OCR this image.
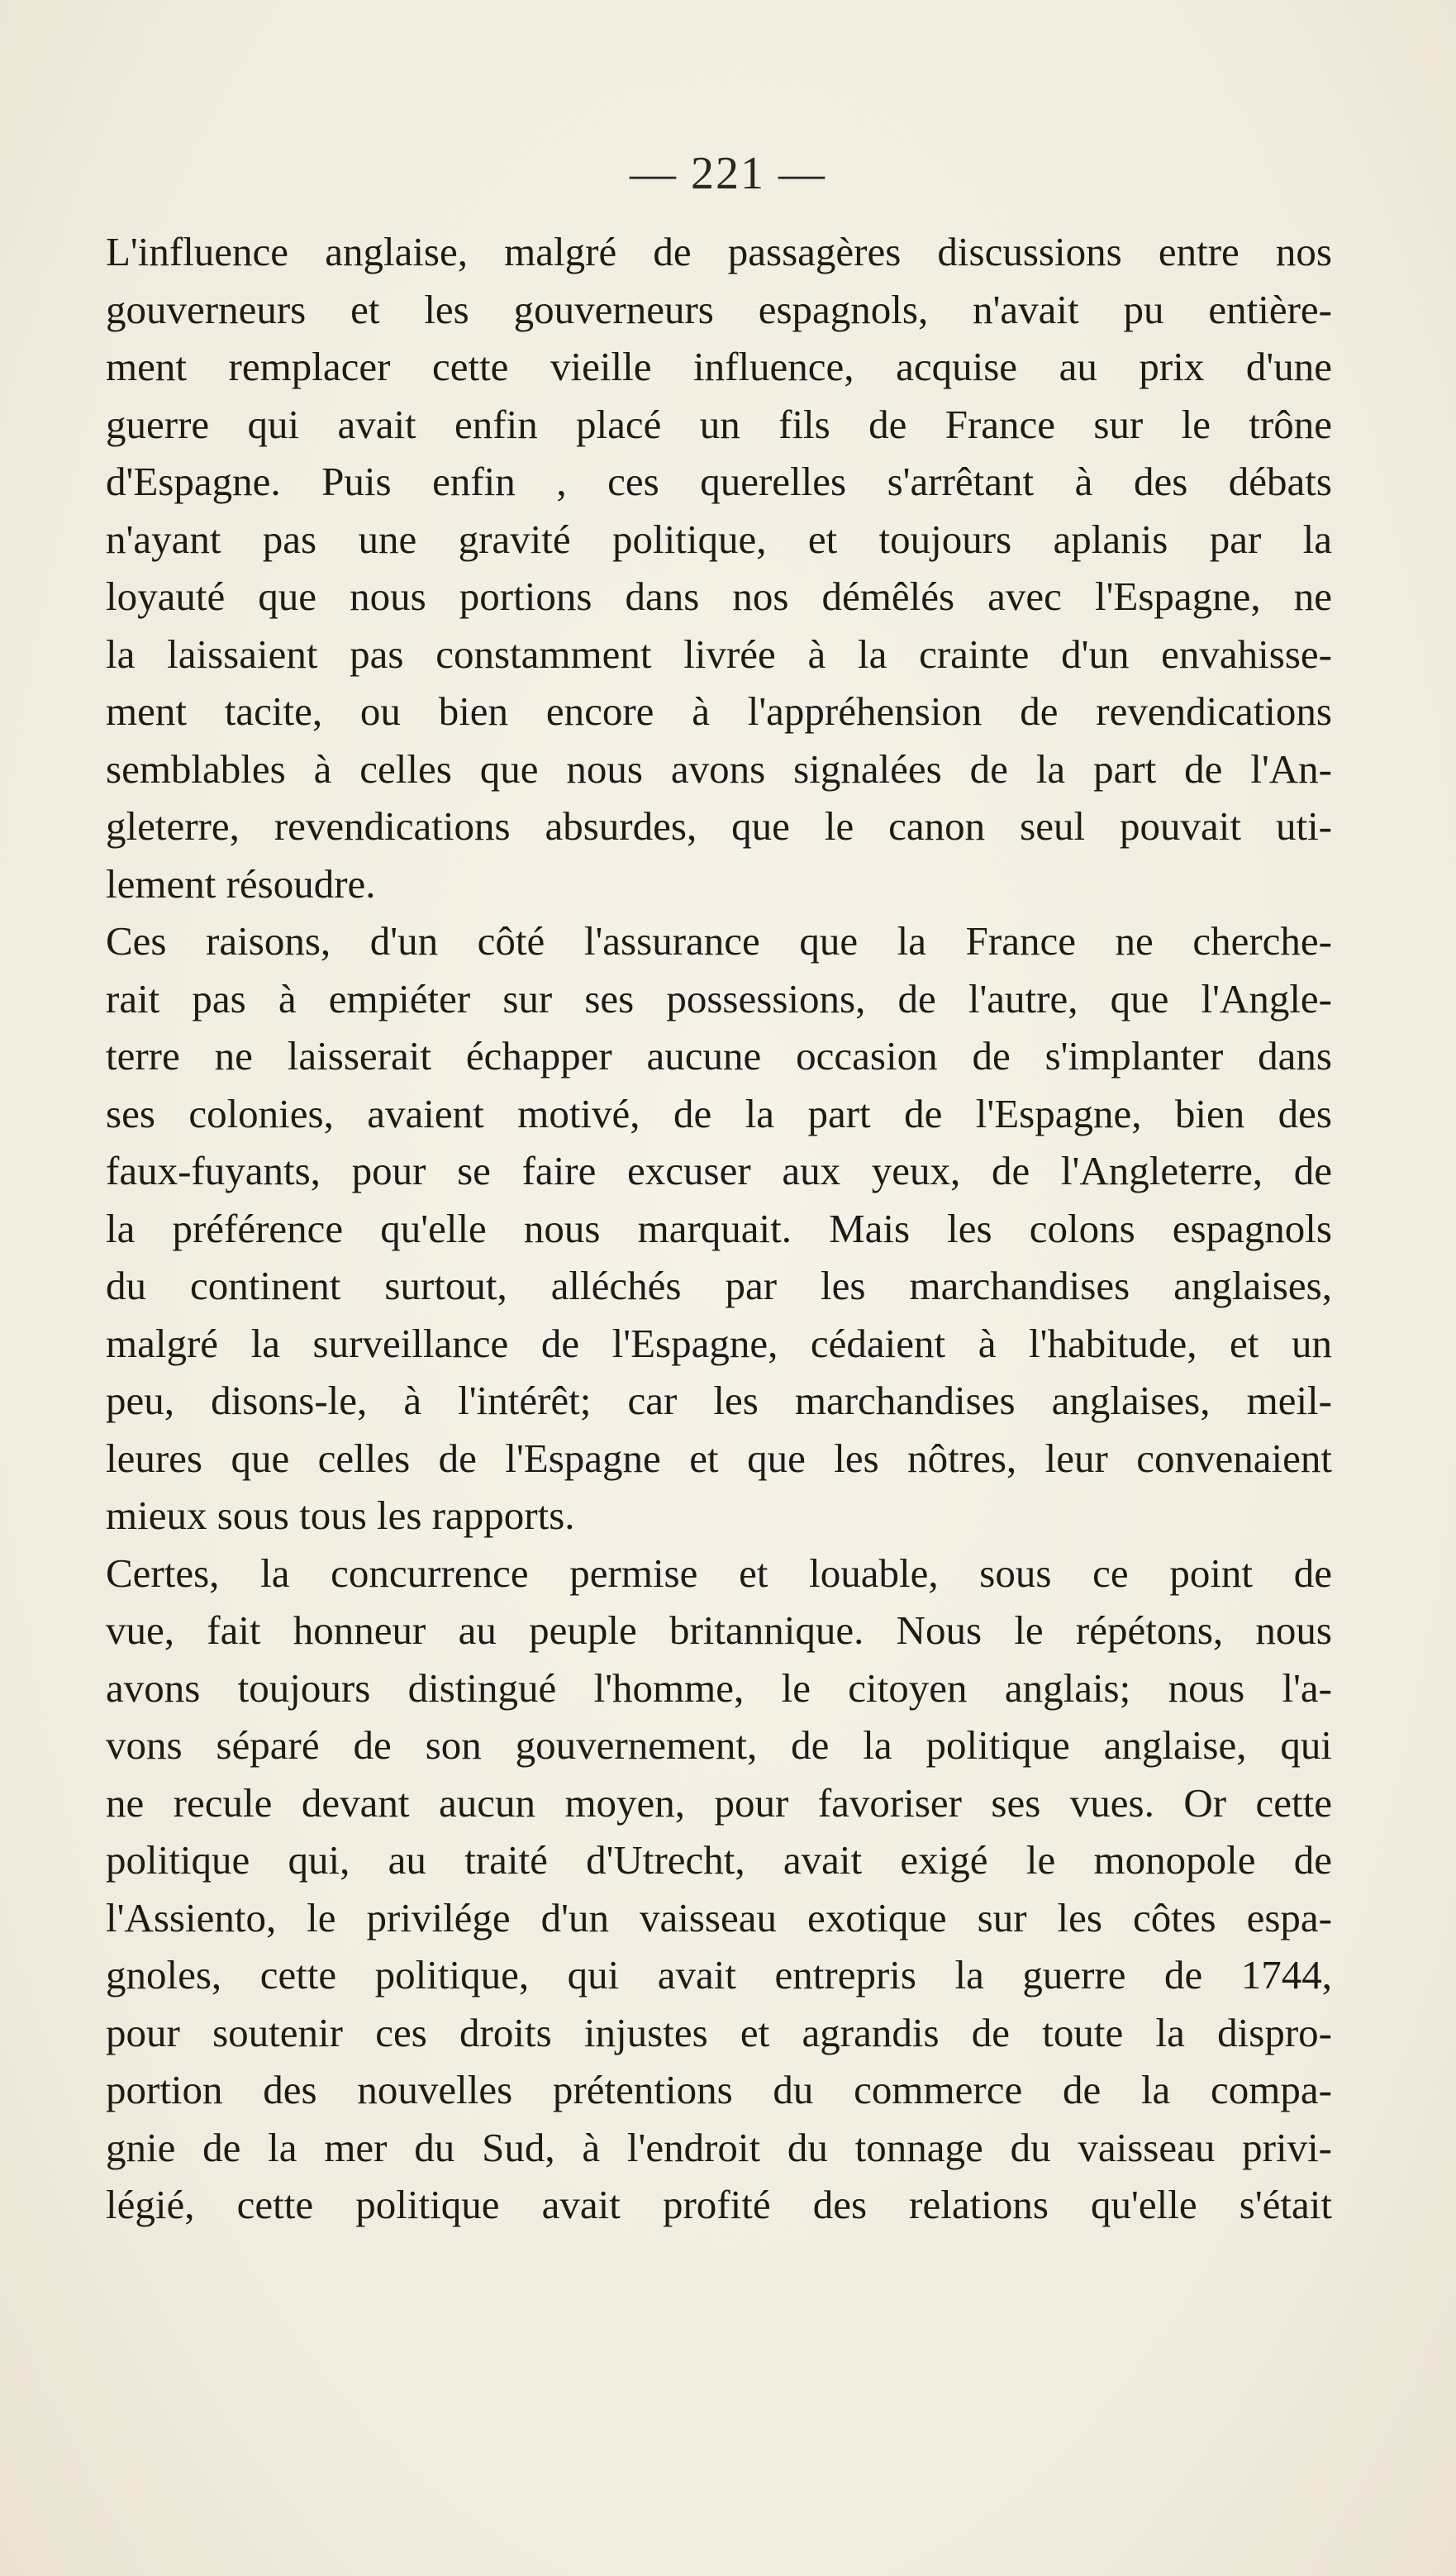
— 221 —
L'influence anglaise, malgré de passagères discussions entre nos
gouverneurs et les gouverneurs espagnols, n'avait pu entière-
ment remplacer cette vieille influence, acquise au prix d'une
guerre qui avait enfin placé un fils de France sur le trône
d'Espagne. Puis enfin , ces querelles s'arrêtant à des débats
n'ayant pas une gravité politique, et toujours aplanis par la
loyauté que nous portions dans nos démêlés avec l'Espagne, ne
la laissaient pas constamment livrée à la crainte d'un envahisse-
ment tacite, ou bien encore à l'appréhension de revendications
semblables à celles que nous avons signalées de la part de l'An-
gleterre, revendications absurdes, que le canon seul pouvait uti-
lement résoudre.
Ces raisons, d'un côté l'assurance que la France ne cherche-
rait pas à empiéter sur ses possessions, de l'autre, que l'Angle-
terre ne laisserait échapper aucune occasion de s'implanter dans
ses colonies, avaient motivé, de la part de l'Espagne, bien des
faux-fuyants, pour se faire excuser aux yeux, de l'Angleterre, de
la préférence qu'elle nous marquait. Mais les colons espagnols
du continent surtout, alléchés par les marchandises anglaises,
malgré la surveillance de l'Espagne, cédaient à l'habitude, et un
peu, disons-le, à l'intérêt; car les marchandises anglaises, meil-
leures que celles de l'Espagne et que les nôtres, leur convenaient
mieux sous tous les rapports.
Certes, la concurrence permise et louable, sous ce point de
vue, fait honneur au peuple britannique. Nous le répétons, nous
avons toujours distingué l'homme, le citoyen anglais; nous l'a-
vons séparé de son gouvernement, de la politique anglaise, qui
ne recule devant aucun moyen, pour favoriser ses vues. Or cette
politique qui, au traité d'Utrecht, avait exigé le monopole de
l'Assiento, le privilége d'un vaisseau exotique sur les côtes espa-
gnoles, cette politique, qui avait entrepris la guerre de 1744,
pour soutenir ces droits injustes et agrandis de toute la dispro-
portion des nouvelles prétentions du commerce de la compa-
gnie de la mer du Sud, à l'endroit du tonnage du vaisseau privi-
légié, cette politique avait profité des relations qu'elle s'était
